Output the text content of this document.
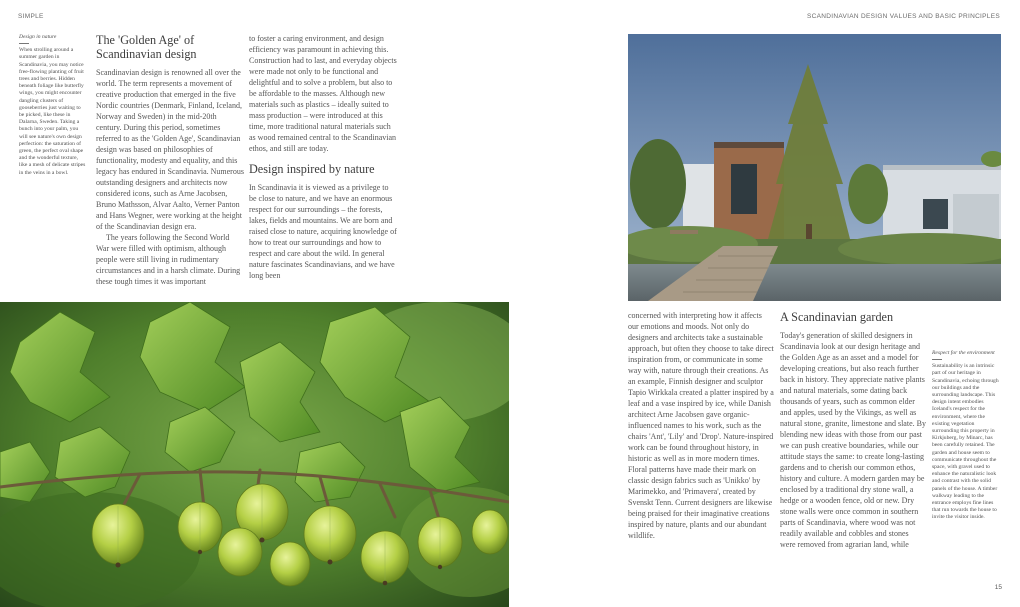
SIMPLE	SCANDINAVIAN DESIGN VALUES AND BASIC PRINCIPLES
Design in nature
When strolling around a summer garden in Scandinavia, you may notice free-flowing planting of fruit trees and berries. Hidden beneath foliage like butterfly wings, you might encounter dangling clusters of gooseberries just waiting to be picked, like these in Dalarna, Sweden. Taking a bunch into your palm, you will see nature's own design perfection: the saturation of green, the perfect oval shape and the wonderful texture, like a mesh of delicate stripes in the veins in a bowl.
The 'Golden Age' of Scandinavian design

Scandinavian design is renowned all over the world. The term represents a movement of creative production that emerged in the five Nordic countries (Denmark, Finland, Iceland, Norway and Sweden) in the mid-20th century. During this period, sometimes referred to as the 'Golden Age', Scandinavian design was based on philosophies of functionality, modesty and equality, and this legacy has endured in Scandinavia. Numerous outstanding designers and architects now considered icons, such as Arne Jacobsen, Bruno Mathsson, Alvar Aalto, Verner Panton and Hans Wegner, were working at the height of the Scandinavian design era.

The years following the Second World War were filled with optimism, although people were still living in rudimentary circumstances and in a harsh climate. During these tough times it was important

to foster a caring environment, and design efficiency was paramount in achieving this. Construction had to last, and everyday objects were made not only to be functional and delightful and to solve a problem, but also to be affordable to the masses. Although new materials such as plastics – ideally suited to mass production – were introduced at this time, more traditional natural materials such as wood remained central to the Scandinavian ethos, and still are today.

Design inspired by nature

In Scandinavia it is viewed as a privilege to be close to nature, and we have an enormous respect for our surroundings – the forests, lakes, fields and mountains. We are born and raised close to nature, acquiring knowledge of how to treat our surroundings and how to respect and care about the wild. In general nature fascinates Scandinavians, and we have long been

concerned with interpreting how it affects our emotions and moods. Not only do designers and architects take a sustainable approach, but often they choose to take direct inspiration from, or communicate in some way with, nature through their creations. As an example, Finnish designer and sculptor Tapio Wirkkala created a platter inspired by a leaf and a vase inspired by ice, while Danish architect Arne Jacobsen gave organic-influenced names to his work, such as the chairs 'Ant', 'Lily' and 'Drop'. Nature-inspired work can be found throughout history, in historic as well as in more modern times. Floral patterns have made their mark on classic design fabrics such as 'Unikko' by Marimekko, and 'Primavera', created by Svenskt Tenn. Current designers are likewise being praised for their imaginative creations inspired by nature, plants and our abundant wildlife.

A Scandinavian garden

Today's generation of skilled designers in Scandinavia look at our design heritage and the Golden Age as an asset and a model for developing creations, but also reach further back in history. They appreciate native plants and natural materials, some dating back thousands of years, such as common elder and apples, used by the Vikings, as well as natural stone, granite, limestone and slate. By blending new ideas with those from our past we can push creative boundaries, while our attitude stays the same: to create long-lasting gardens and to cherish our common ethos, history and culture. A modern garden may be enclosed by a traditional dry stone wall, a hedge or a wooden fence, old or new. Dry stone walls were once common in southern parts of Scandinavia, where wood was not readily available and cobbles and stones were removed from agrarian land, while

Respect for the environment
Sustainability is an intrinsic part of our heritage in Scandinavia, echoing through our buildings and the surrounding landscape. This design intent embodies Iceland's respect for the environment, where the existing vegetation surrounding this property in Kirkjuberg, by Minarc, has been carefully retained. The garden and house seem to communicate throughout the space, with gravel used to enhance the naturalistic look and contrast with the solid panels of the house. A timber walkway leading to the entrance employs fine lines that run towards the house to invite the visitor inside.
15
